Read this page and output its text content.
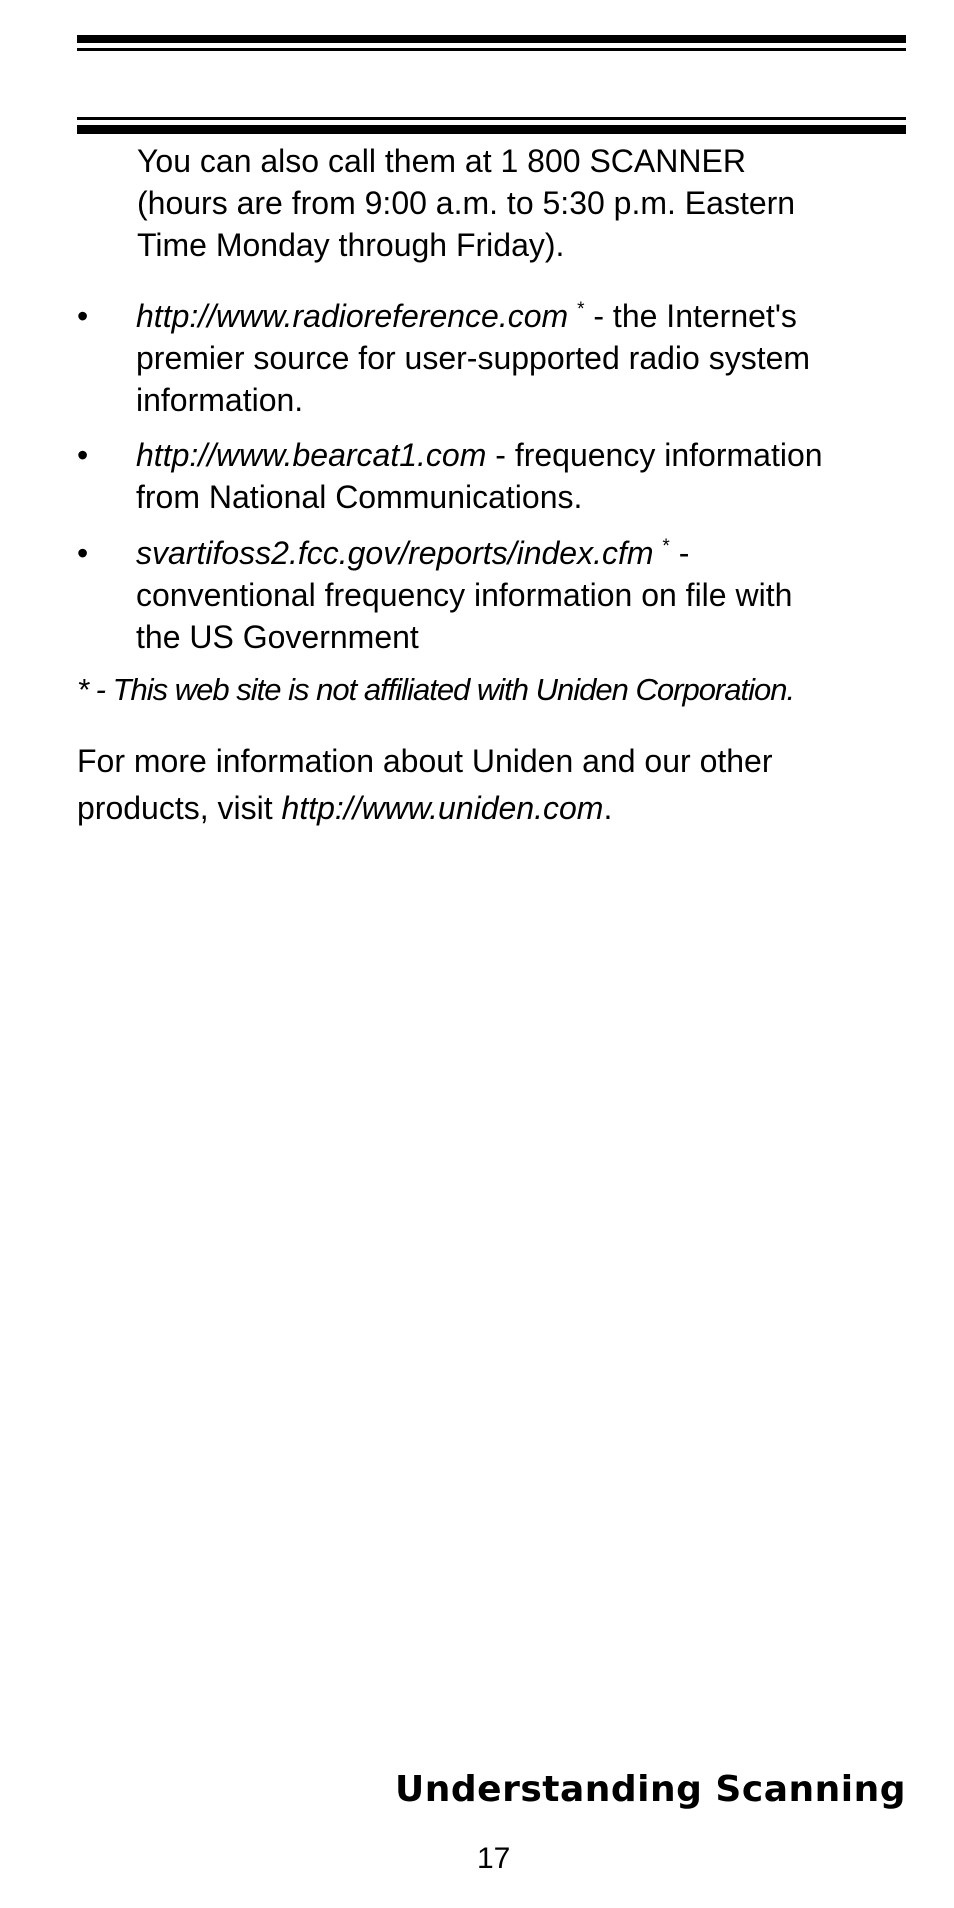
You can also call them at 1 800 SCANNER
(hours are from 9:00 a.m. to 5:30 p.m. Eastern
Time Monday through Friday).

•	http://www.radioreference.com * - the Internet's
premier source for user-supported radio system
information.
•	http://www.bearcat1.com - frequency information
from National Communications.
•	svartifoss2.fcc.gov/reports/index.cfm * -
conventional frequency information on file with
the US Government

* - This web site is not affiliated with Uniden Corporation.

For more information about Uniden and our other
products, visit http://www.uniden.com.

Understanding Scanning
17
